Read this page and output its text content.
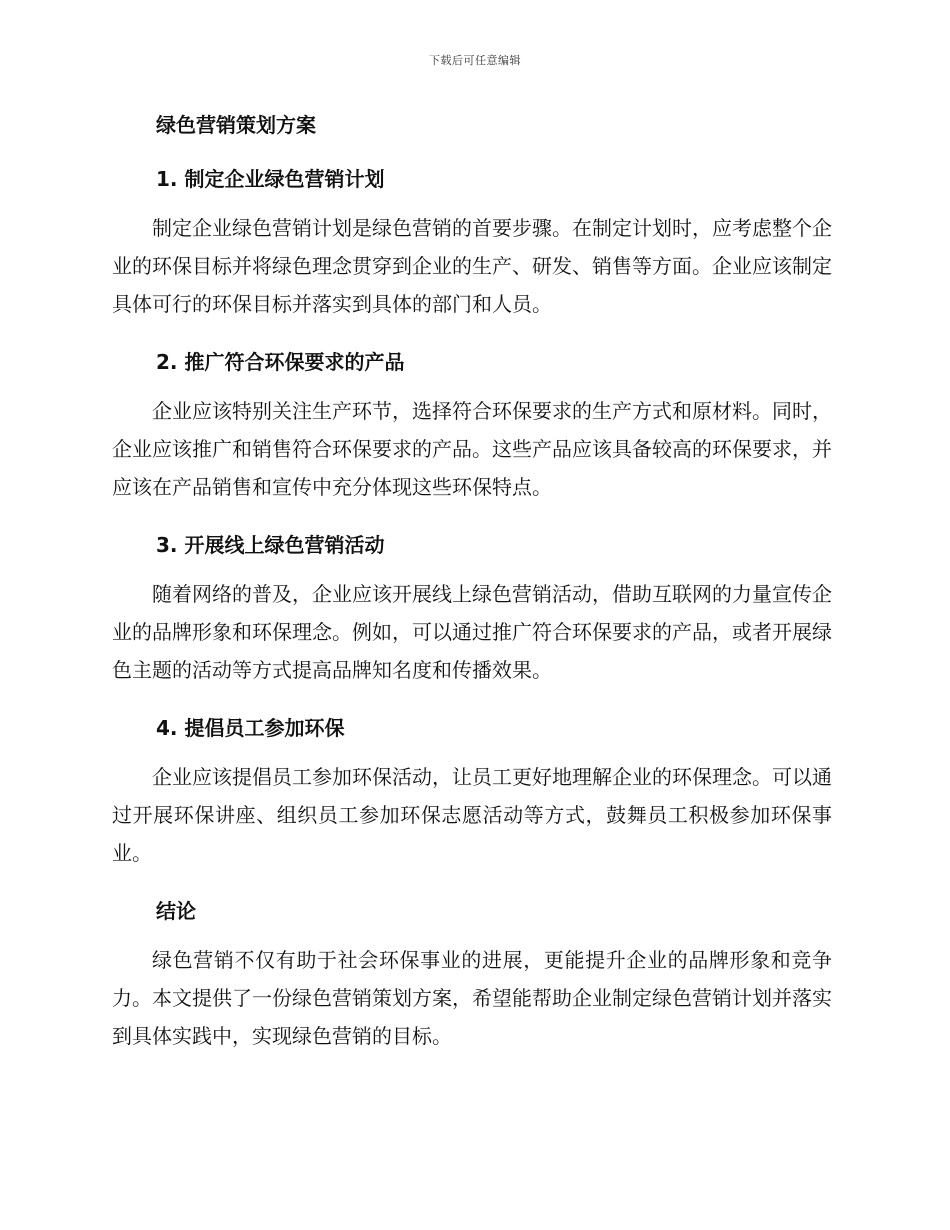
下载后可任意编辑
绿色营销策划方案
1. 制定企业绿色营销计划

制定企业绿色营销计划是绿色营销的首要步骤。在制定计划时，应考虑整个企业的环保目标并将绿色理念贯穿到企业的生产、研发、销售等方面。企业应该制定具体可行的环保目标并落实到具体的部门和人员。

2. 推广符合环保要求的产品

企业应该特别关注生产环节，选择符合环保要求的生产方式和原材料。同时，企业应该推广和销售符合环保要求的产品。这些产品应该具备较高的环保要求，并应该在产品销售和宣传中充分体现这些环保特点。

3. 开展线上绿色营销活动

随着网络的普及，企业应该开展线上绿色营销活动，借助互联网的力量宣传企业的品牌形象和环保理念。例如，可以通过推广符合环保要求的产品，或者开展绿色主题的活动等方式提高品牌知名度和传播效果。

4. 提倡员工参加环保

企业应该提倡员工参加环保活动，让员工更好地理解企业的环保理念。可以通过开展环保讲座、组织员工参加环保志愿活动等方式，鼓舞员工积极参加环保事业。

结论

绿色营销不仅有助于社会环保事业的进展，更能提升企业的品牌形象和竞争力。本文提供了一份绿色营销策划方案，希望能帮助企业制定绿色营销计划并落实到具体实践中，实现绿色营销的目标。
